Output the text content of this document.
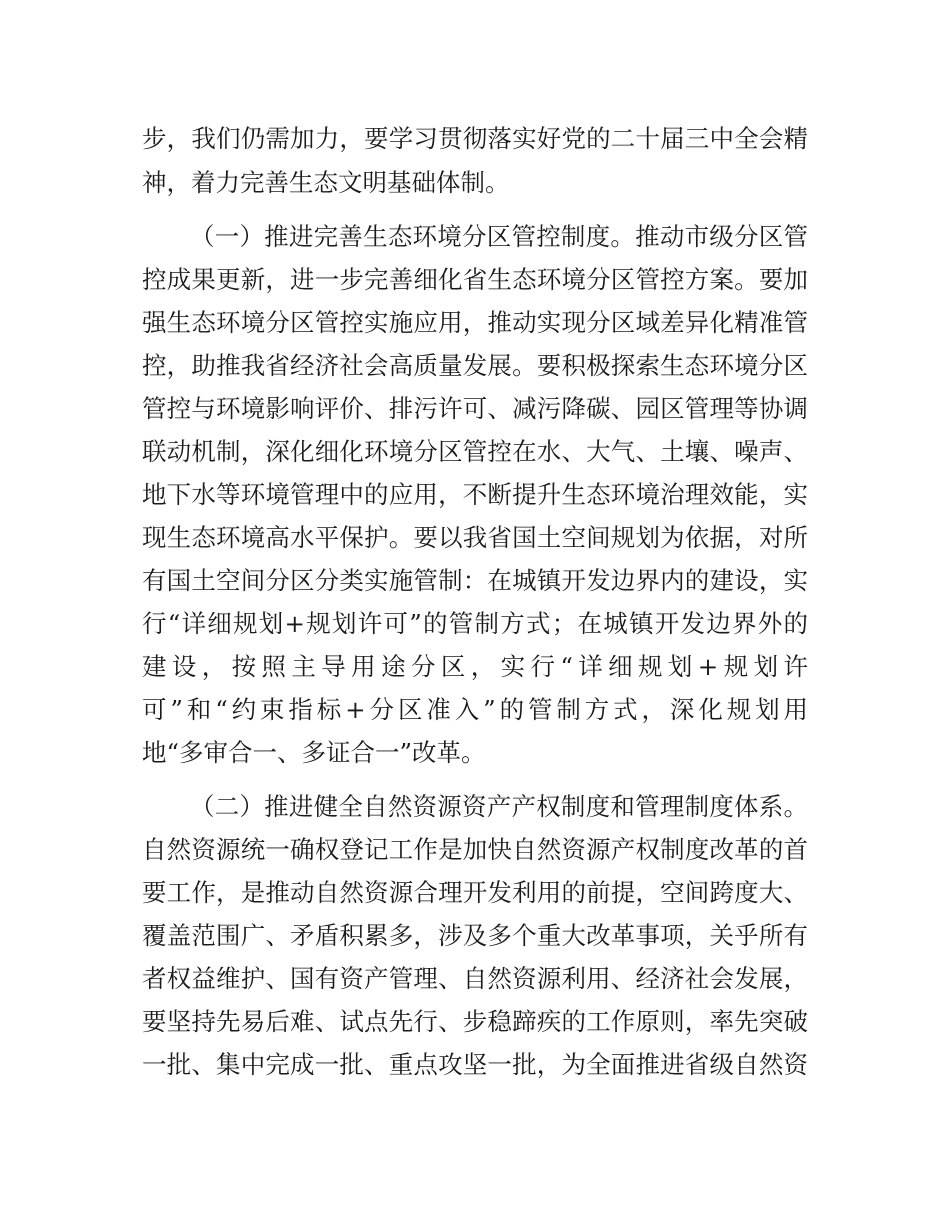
步，我们仍需加力，要学习贯彻落实好党的二十届三中全会精
神，着力完善生态文明基础体制。
（一）推进完善生态环境分区管控制度。推动市级分区管
控成果更新，进一步完善细化省生态环境分区管控方案。要加
强生态环境分区管控实施应用，推动实现分区域差异化精准管
控，助推我省经济社会高质量发展。要积极探索生态环境分区
管控与环境影响评价、排污许可、减污降碳、园区管理等协调
联动机制，深化细化环境分区管控在水、大气、土壤、噪声、
地下水等环境管理中的应用，不断提升生态环境治理效能，实
现生态环境高水平保护。要以我省国土空间规划为依据，对所
有国土空间分区分类实施管制：在城镇开发边界内的建设，实
行“详细规划+规划许可”的管制方式；在城镇开发边界外的
建设，按照主导用途分区，实行“详细规划+规划许
可”和“约束指标+分区准入”的管制方式，深化规划用
地“多审合一、多证合一”改革。
（二）推进健全自然资源资产产权制度和管理制度体系。
自然资源统一确权登记工作是加快自然资源产权制度改革的首
要工作，是推动自然资源合理开发利用的前提，空间跨度大、
覆盖范围广、矛盾积累多，涉及多个重大改革事项，关乎所有
者权益维护、国有资产管理、自然资源利用、经济社会发展，
要坚持先易后难、试点先行、步稳蹄疾的工作原则，率先突破
一批、集中完成一批、重点攻坚一批，为全面推进省级自然资
